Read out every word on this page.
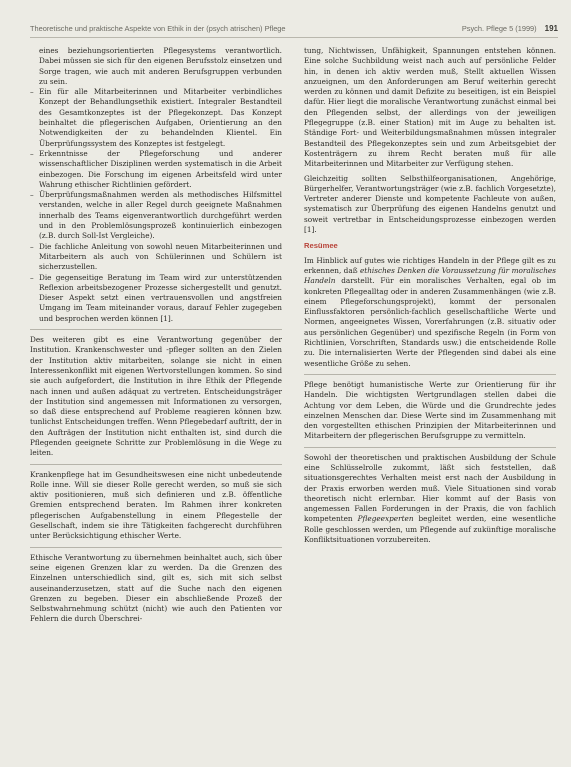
Theoretische und praktische Aspekte von Ethik in der (psych atrischen) Pflege	Psych. Pflege 5 (1999) 191
eines beziehungsorientierten Pflegesystems verantwortlich. Dabei müssen sie sich für den eigenen Berufsstolz einsetzen und Sorge tragen, wie auch mit anderen Berufsgruppen verbunden zu sein.
– Ein für alle Mitarbeiterinnen und Mitarbeiter verbindliches Konzept der Behandlungsethik existiert. Integraler Bestandteil des Gesamtkonzeptes ist der Pflegekonzept. Das Konzept beinhaltet die pflegerischen Aufgaben, Orientierung an den Notwendigkeiten der zu behandelnden Klientel. Ein Überprüfungssystem des Konzeptes ist festgelegt.
– Erkenntnisse der Pflegeforschung und anderer wissenschaftlicher Disziplinen werden systematisch in die Arbeit einbezogen. Die Forschung im eigenen Arbeitsfeld wird unter Wahrung ethischer Richtlinien gefördert.
– Überprüfungsmaßnahmen werden als methodisches Hilfsmittel verstanden, welche in aller Regel durch geeignete Maßnahmen innerhalb des Teams eigenverantwortlich durchgeführt werden und in den Problemlösungsprozeß kontinuierlich einbezogen (z.B. durch Soll-Ist Vergleiche).
– Die fachliche Anleitung von sowohl neuen Mitarbeiterinnen und Mitarbeitern als auch von Schülerinnen und Schülern ist sicherzustellen.
– Die gegenseitige Beratung im Team wird zur unterstützenden Reflexion arbeitsbezogener Prozesse sichergestellt und genutzt. Dieser Aspekt setzt einen vertrauensvollen und angstfreien Umgang im Team miteinander voraus, darauf Fehler zugegeben und besprochen werden können [1].

Des weiteren gibt es eine Verantwortung gegenüber der Institution. Krankenschwester und -pfleger sollten an den Zielen der Institution aktiv mitarbeiten, solange sie nicht in einen Interessenkonflikt mit eigenen Wertvorstellungen kommen. So sind sie auch aufgefordert, die Institution in ihre Ethik der Pflegende nach innen und außen adäquat zu vertreten. Entscheidungsträger der Institution sind angemessen mit Informationen zu versorgen, so daß diese entsprechend auf Probleme reagieren können bzw. tunlichst Entscheidungen treffen. Wenn Pflegebedarf auftritt, der in den Aufträgen der Institution nicht enthalten ist, sind durch die Pflegenden geeignete Schritte zur Problemlösung in die Wege zu leiten.

Krankenpflege hat im Gesundheitswesen eine nicht unbedeutende Rolle inne. Will sie dieser Rolle gerecht werden, so muß sie sich aktiv positionieren, muß sich definieren und z.B. öffentliche Gremien entsprechend beraten. Im Rahmen ihrer konkreten pflegerischen Aufgabenstellung in einem Pflegestelle der Gesellschaft, indem sie ihre Tätigkeiten fachgerecht durchführen unter Berücksichtigung ethischer Werte.

Ethische Verantwortung zu übernehmen beinhaltet auch, sich über seine eigenen Grenzen klar zu werden. Da die Grenzen des Einzelnen unterschiedlich sind, gilt es, sich mit sich selbst auseinanderzusetzen, statt auf die Suche nach den eigenen Grenzen zu begeben. Dieser ein abschließende Prozeß der Selbstwahrnehmung schützt (nicht) wie auch den Patienten vor Fehlern die durch Überschrei-

tung, Nichtwissen, Unfähigkeit, Spannungen entstehen können. Eine solche Suchbildung weist nach auch auf persönliche Felder hin, in denen ich aktiv werden muß, Stellt aktuellen Wissen anzueignen, um den Anforderungen am Beruf weiterhin gerecht werden zu können und damit Defizite zu beseitigen, ist ein Beispiel dafür. Hier liegt die moralische Verantwortung zunächst einmal bei den Pflegenden selbst, der allerdings von der jeweiligen Pflegegruppe (z.B. einer Station) mit im Auge zu behalten ist. Ständige Fort- und Weiterbildungsmaßnahmen müssen integraler Bestandteil des Pflegekonzeptes sein und zum Arbeitsgebiet der Kostenträgern zu ihrem Recht beraten muß für alle Mitarbeiterinnen und Mitarbeiter zur Verfügung stehen.

Gleichzeitig sollten Selbsthilfeorganisationen, Angehörige, Bürgerhelfer, Verantwortungsträger (wie z.B. fachlich Vorgesetzte), Vertreter anderer Dienste und kompetente Fachleute von außen, systematisch zur Überprüfung des eigenen Handelns genutzt und soweit vertretbar in Entscheidungsprozesse einbezogen werden [1].

Resümee

Im Hinblick auf gutes wie richtiges Handeln in der Pflege gilt es zu erkennen, daß ethisches Denken die Voraussetzung für moralisches Handeln darstellt. Für ein moralisches Verhalten, egal ob im konkreten Pflegealltag oder in anderen Zusammenhängen (wie z.B. einem Pflegeforschungsprojekt), kommt der personalen Einflussfaktoren persönlich-fachlich gesellschaftliche Werte und Normen, angeeignetes Wissen, Vorerfahrungen (z.B. situativ oder aus persönlichen Gegenüber) und spezifische Regeln (in Form von Richtlinien, Vorschriften, Standards usw.) die entscheidende Rolle zu. Die internalisierten Werte der Pflegenden sind dabei als eine wesentliche Größe zu sehen.

Pflege benötigt humanistische Werte zur Orientierung für ihr Handeln. Die wichtigsten Wertgrundlagen stellen dabei die Achtung vor dem Leben, die Würde und die Grundrechte jedes einzelnen Menschen dar. Diese Werte sind im Zusammenhang mit den vorgestellten ethischen Prinzipien der Mitarbeiterinnen und Mitarbeitern der pflegerischen Berufsgruppe zu vermitteln.

Sowohl der theoretischen und praktischen Ausbildung der Schule eine Schlüsselrolle zukommt, läßt sich feststellen, daß situationsgerechtes Verhalten meist erst nach der Ausbildung in der Praxis erworben werden muß. Viele Situationen sind vorab theoretisch nicht erlernbar. Hier kommt auf der Basis von angemessen Fallen Forderungen in der Praxis, die von fachlich kompetenten Pflegeexperten begleitet werden, eine wesentliche Rolle geschlossen werden, um Pflegende auf zukünftige moralische Konfliktsituationen vorzubereiten.
